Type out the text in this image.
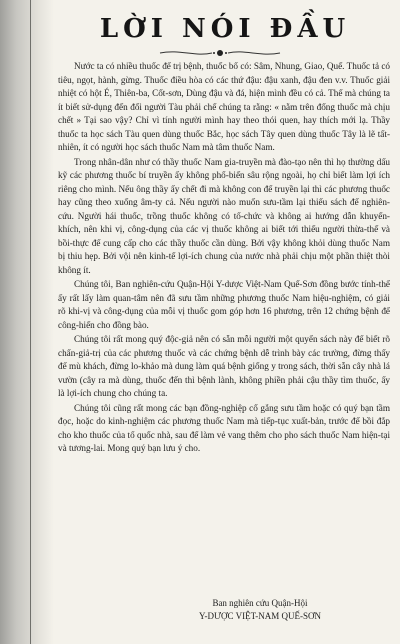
LỜI NÓI ĐẦU

Nước ta có nhiều thuốc để trị bệnh, thuốc bổ có: Sâm, Nhung, Giao, Quế. Thuốc tả có tiêu, ngọt, hành, gừng. Thuốc điều hòa có các thứ đậu: đậu xanh, đậu đen v.v. Thuốc giải nhiệt có hột É, Thiên-ba, Cốt-sơn, Dùng đậu và đá, hiện mình đều có cả. Thế mà chúng ta ít biết sử-dụng đến đối người Tàu phải chế chúng ta rằng: « nằm trên đống thuốc mà chịu chết » Tại sao vậy? Chỉ vì tính người mình hay theo thói quen, hay thích mới lạ. Thầy thuốc ta học sách Tàu quen dùng thuốc Bắc, học sách Tây quen dùng thuốc Tây là lẽ tất-nhiên, ít có người học sách thuốc Nam mà tâm thuốc Nam.

Trong nhân-dân như có thầy thuốc Nam gia-truyền mà đào-tạo nên thì họ thường dấu kỹ các phương thuốc bí truyền ấy không phổ-biến sâu rộng ngoài, họ chỉ biết làm lợi ích riêng cho mình. Nếu ông thầy ấy chết đi mà không con để truyền lại thì các phương thuốc hay cũng theo xuống âm-ty cả. Nếu người nào muốn sưu-tầm lại thiếu sách để nghiên-cứu. Người hái thuốc, trồng thuốc không có tổ-chức và không ai hướng dẫn khuyến-khích, nên khi vị, công-dụng của các vị thuốc không ai biết tới thiếu người thừa-thế và bồi-thực để cung cấp cho các thầy thuốc cần dùng. Bởi vậy không khỏi dùng thuốc Nam bị thiu hẹp. Bởi vội nên kinh-tế lợi-ích chung của nước nhà phải chịu một phần thiệt thòi không ít.

Chúng tôi, Ban nghiên-cứu Quận-Hội Y-dược Việt-Nam Quế-Sơn đồng bước tính-thể ấy rất lấy làm quan-tâm nên đã sưu tầm những phương thuốc Nam hiệu-nghiệm, có giải rõ khi-vị và công-dụng của mỗi vị thuốc gom góp hơn 16 phương, trên 12 chứng bệnh để công-hiến cho đồng bào.

Chúng tôi rất mong quý độc-giả nên có sẵn mỗi người một quyển sách này để biết rõ chẩn-giả-trị của các phương thuốc và các chứng bệnh dễ trình bày các trường, đừng thấy để mù khách, đừng lo-khảo mà dung làm quá bệnh giống y trong sách, thời sẵn cây nhà lá vườn (cây ra mà dùng, thuốc đến thì bệnh lành, không phiền phải cậu thầy tìm thuốc, ấy là lợi-ích chung cho chúng ta.

Chúng tôi cũng rất mong các bạn đồng-nghiệp cố gắng sưu tầm hoặc có quý bạn tầm đọc, hoặc do kinh-nghiệm các phương thuốc Nam mà tiếp-tục xuất-bản, trước để bồi đắp cho kho thuốc của tổ quốc nhà, sau để làm vẻ vang thêm cho pho sách thuốc Nam hiện-tại và tương-lai. Mong quý bạn lưu ý cho.

Ban nghiên cứu Quận-Hội
Y-DƯỢC VIỆT-NAM QUẾ-SƠN
